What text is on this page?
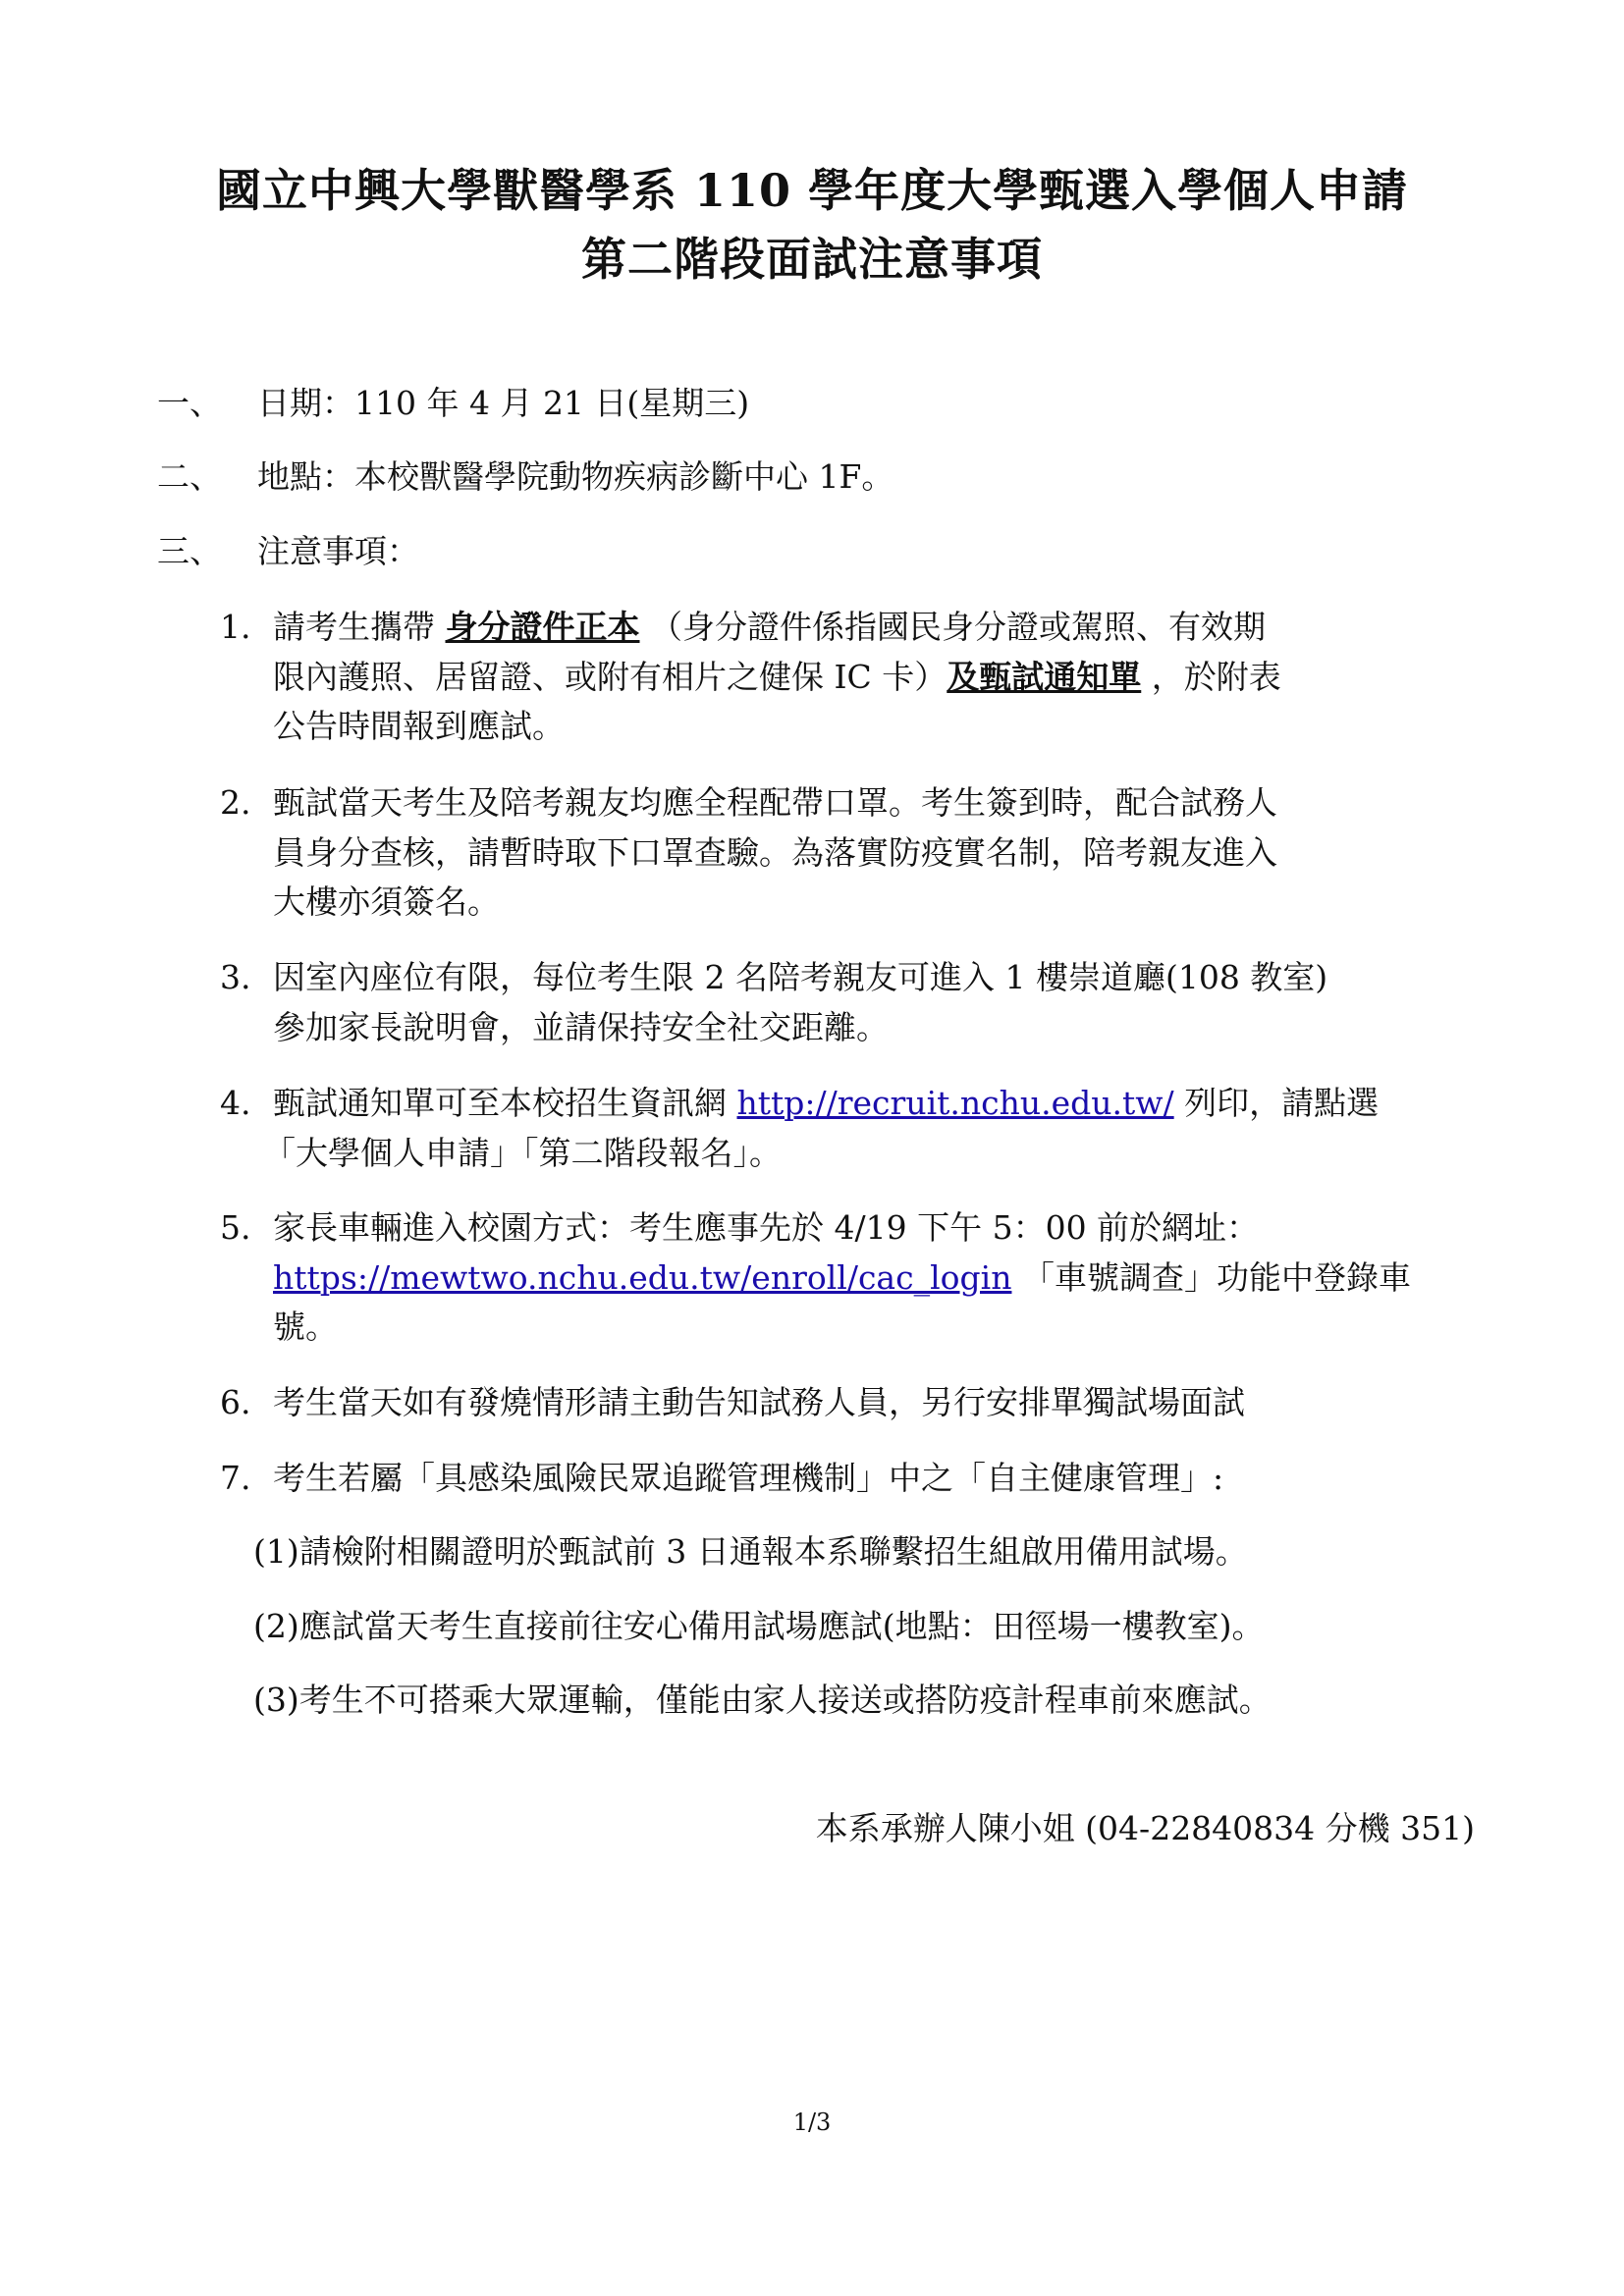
國立中興大學獸醫學系 110 學年度大學甄選入學個人申請
第二階段面試注意事項
一、 日期：110 年 4 月 21 日(星期三)
二、 地點：本校獸醫學院動物疾病診斷中心 1F。
三、 注意事項：
1. 請考生攜帶 身分證件正本 （身分證件係指國民身分證或駕照、有效期
限內護照、居留證、或附有相片之健保 IC 卡）及甄試通知單 ，於附表
公告時間報到應試。
2. 甄試當天考生及陪考親友均應全程配帶口罩。考生簽到時，配合試務人
員身分查核，請暫時取下口罩查驗。為落實防疫實名制，陪考親友進入
大樓亦須簽名。
3. 因室內座位有限，每位考生限 2 名陪考親友可進入 1 樓崇道廳(108 教室)
參加家長說明會，並請保持安全社交距離。
4. 甄試通知單可至本校招生資訊網 http://recruit.nchu.edu.tw/ 列印，請點選
「大學個人申請」「第二階段報名」。
5. 家長車輛進入校園方式：考生應事先於 4/19 下午 5：00 前於網址：
https://mewtwo.nchu.edu.tw/enroll/cac_login 「車號調查」功能中登錄車
號。
6. 考生當天如有發燒情形請主動告知試務人員，另行安排單獨試場面試
7. 考生若屬「具感染風險民眾追蹤管理機制」中之「自主健康管理」:
(1)請檢附相關證明於甄試前 3 日通報本系聯繫招生組啟用備用試場。
(2)應試當天考生直接前往安心備用試場應試(地點：田徑場一樓教室)。
(3)考生不可搭乘大眾運輸，僅能由家人接送或搭防疫計程車前來應試。
本系承辦人陳小姐 (04-22840834 分機 351)
1/3
